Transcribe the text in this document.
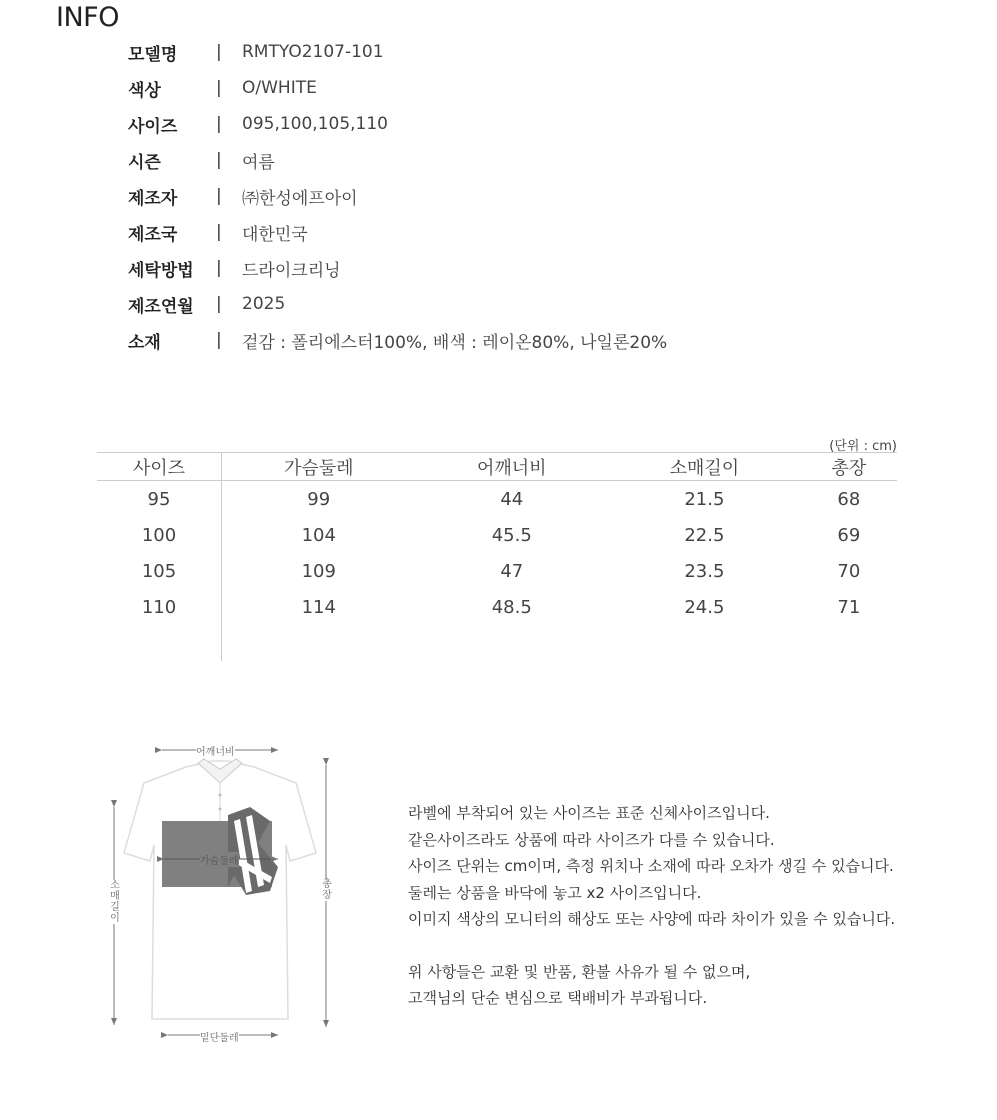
INFO
모델명	|	RMTYO2107-101
색상	|	O/WHITE
사이즈	|	095,100,105,110
시즌	|	여름
제조자	|	㈜한성에프아이
제조국	|	대한민국
세탁방법	|	드라이크리닝
제조연월	|	2025
소재	|	겉감 : 폴리에스터100%, 배색 : 레이온80%, 나일론20%
(단위 : cm)
사이즈	가슴둘레	어깨너비	소매길이	총장
95	99	44	21.5	68
100	104	45.5	22.5	69
105	109	47	23.5	70
110	114	48.5	24.5	71

어깨너비
가슴둘레
소매길이
총장
밑단둘레

라벨에 부착되어 있는 사이즈는 표준 신체사이즈입니다.

같은사이즈라도 상품에 따라 사이즈가 다를 수 있습니다.

사이즈 단위는 cm이며, 측정 위치나 소재에 따라 오차가 생길 수 있습니다.

둘레는 상품을 바닥에 놓고 x2 사이즈입니다.

이미지 색상의 모니터의 해상도 또는 사양에 따라 차이가 있을 수 있습니다.

위 사항들은 교환 및 반품, 환불 사유가 될 수 없으며,

고객님의 단순 변심으로 택배비가 부과됩니다.
